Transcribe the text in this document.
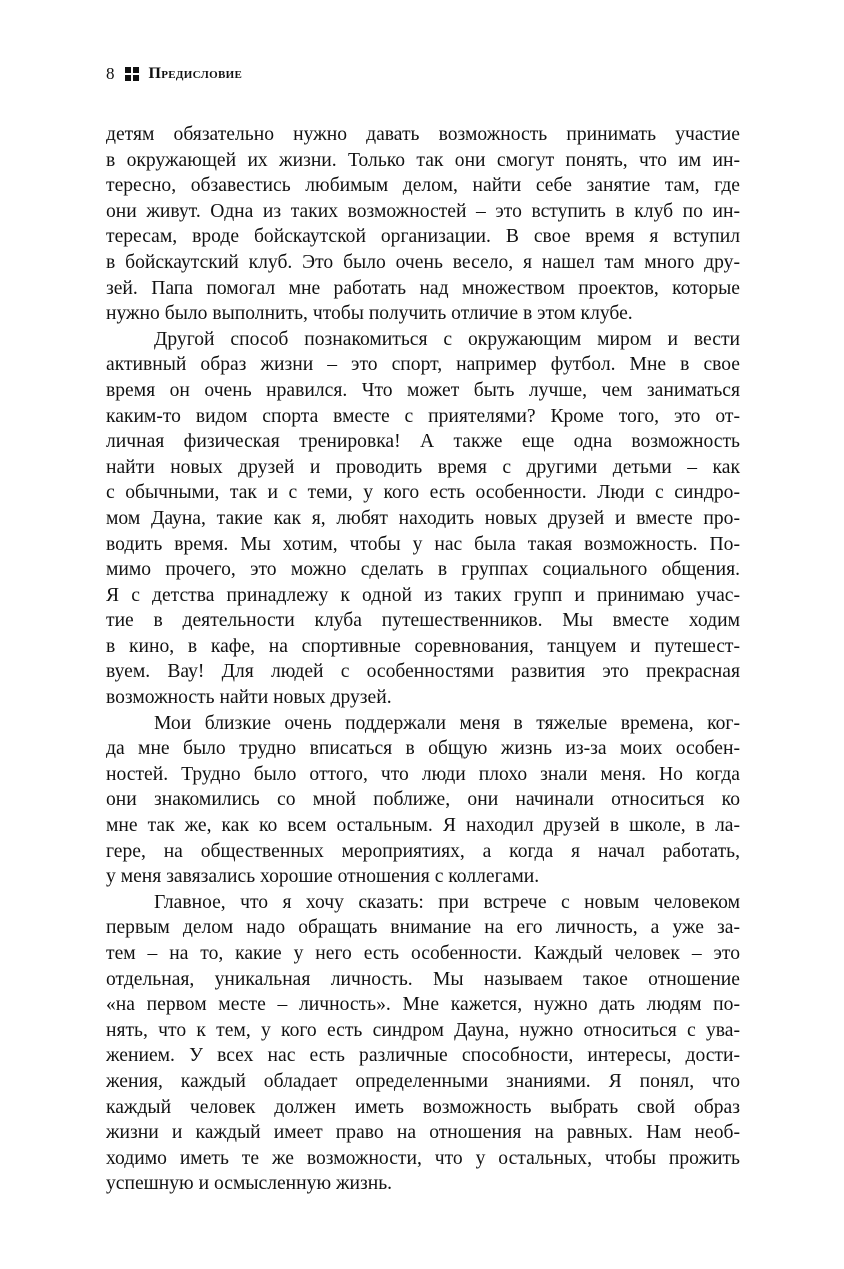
8 Предисловие
детям обязательно нужно давать возможность принимать участие
в окружающей их жизни. Только так они смогут понять, что им ин-
тересно, обзавестись любимым делом, найти себе занятие там, где
они живут. Одна из таких возможностей – это вступить в клуб по ин-
тересам, вроде бойскаутской организации. В свое время я вступил
в бойскаутский клуб. Это было очень весело, я нашел там много дру-
зей. Папа помогал мне работать над множеством проектов, которые
нужно было выполнить, чтобы получить отличие в этом клубе.
Другой способ познакомиться с окружающим миром и вести
активный образ жизни – это спорт, например футбол. Мне в свое
время он очень нравился. Что может быть лучше, чем заниматься
каким-то видом спорта вместе с приятелями? Кроме того, это от-
личная физическая тренировка! А также еще одна возможность
найти новых друзей и проводить время с другими детьми – как
с обычными, так и с теми, у кого есть особенности. Люди с синдро-
мом Дауна, такие как я, любят находить новых друзей и вместе про-
водить время. Мы хотим, чтобы у нас была такая возможность. По-
мимо прочего, это можно сделать в группах социального общения.
Я с детства принадлежу к одной из таких групп и принимаю учас-
тие в деятельности клуба путешественников. Мы вместе ходим
в кино, в кафе, на спортивные соревнования, танцуем и путешест-
вуем. Вау! Для людей с особенностями развития это прекрасная
возможность найти новых друзей.
Мои близкие очень поддержали меня в тяжелые времена, ког-
да мне было трудно вписаться в общую жизнь из-за моих особен-
ностей. Трудно было оттого, что люди плохо знали меня. Но когда
они знакомились со мной поближе, они начинали относиться ко
мне так же, как ко всем остальным. Я находил друзей в школе, в ла-
гере, на общественных мероприятиях, а когда я начал работать,
у меня завязались хорошие отношения с коллегами.
Главное, что я хочу сказать: при встрече с новым человеком
первым делом надо обращать внимание на его личность, а уже за-
тем – на то, какие у него есть особенности. Каждый человек – это
отдельная, уникальная личность. Мы называем такое отношение
«на первом месте – личность». Мне кажется, нужно дать людям по-
нять, что к тем, у кого есть синдром Дауна, нужно относиться с ува-
жением. У всех нас есть различные способности, интересы, дости-
жения, каждый обладает определенными знаниями. Я понял, что
каждый человек должен иметь возможность выбрать свой образ
жизни и каждый имеет право на отношения на равных. Нам необ-
ходимо иметь те же возможности, что у остальных, чтобы прожить
успешную и осмысленную жизнь.
